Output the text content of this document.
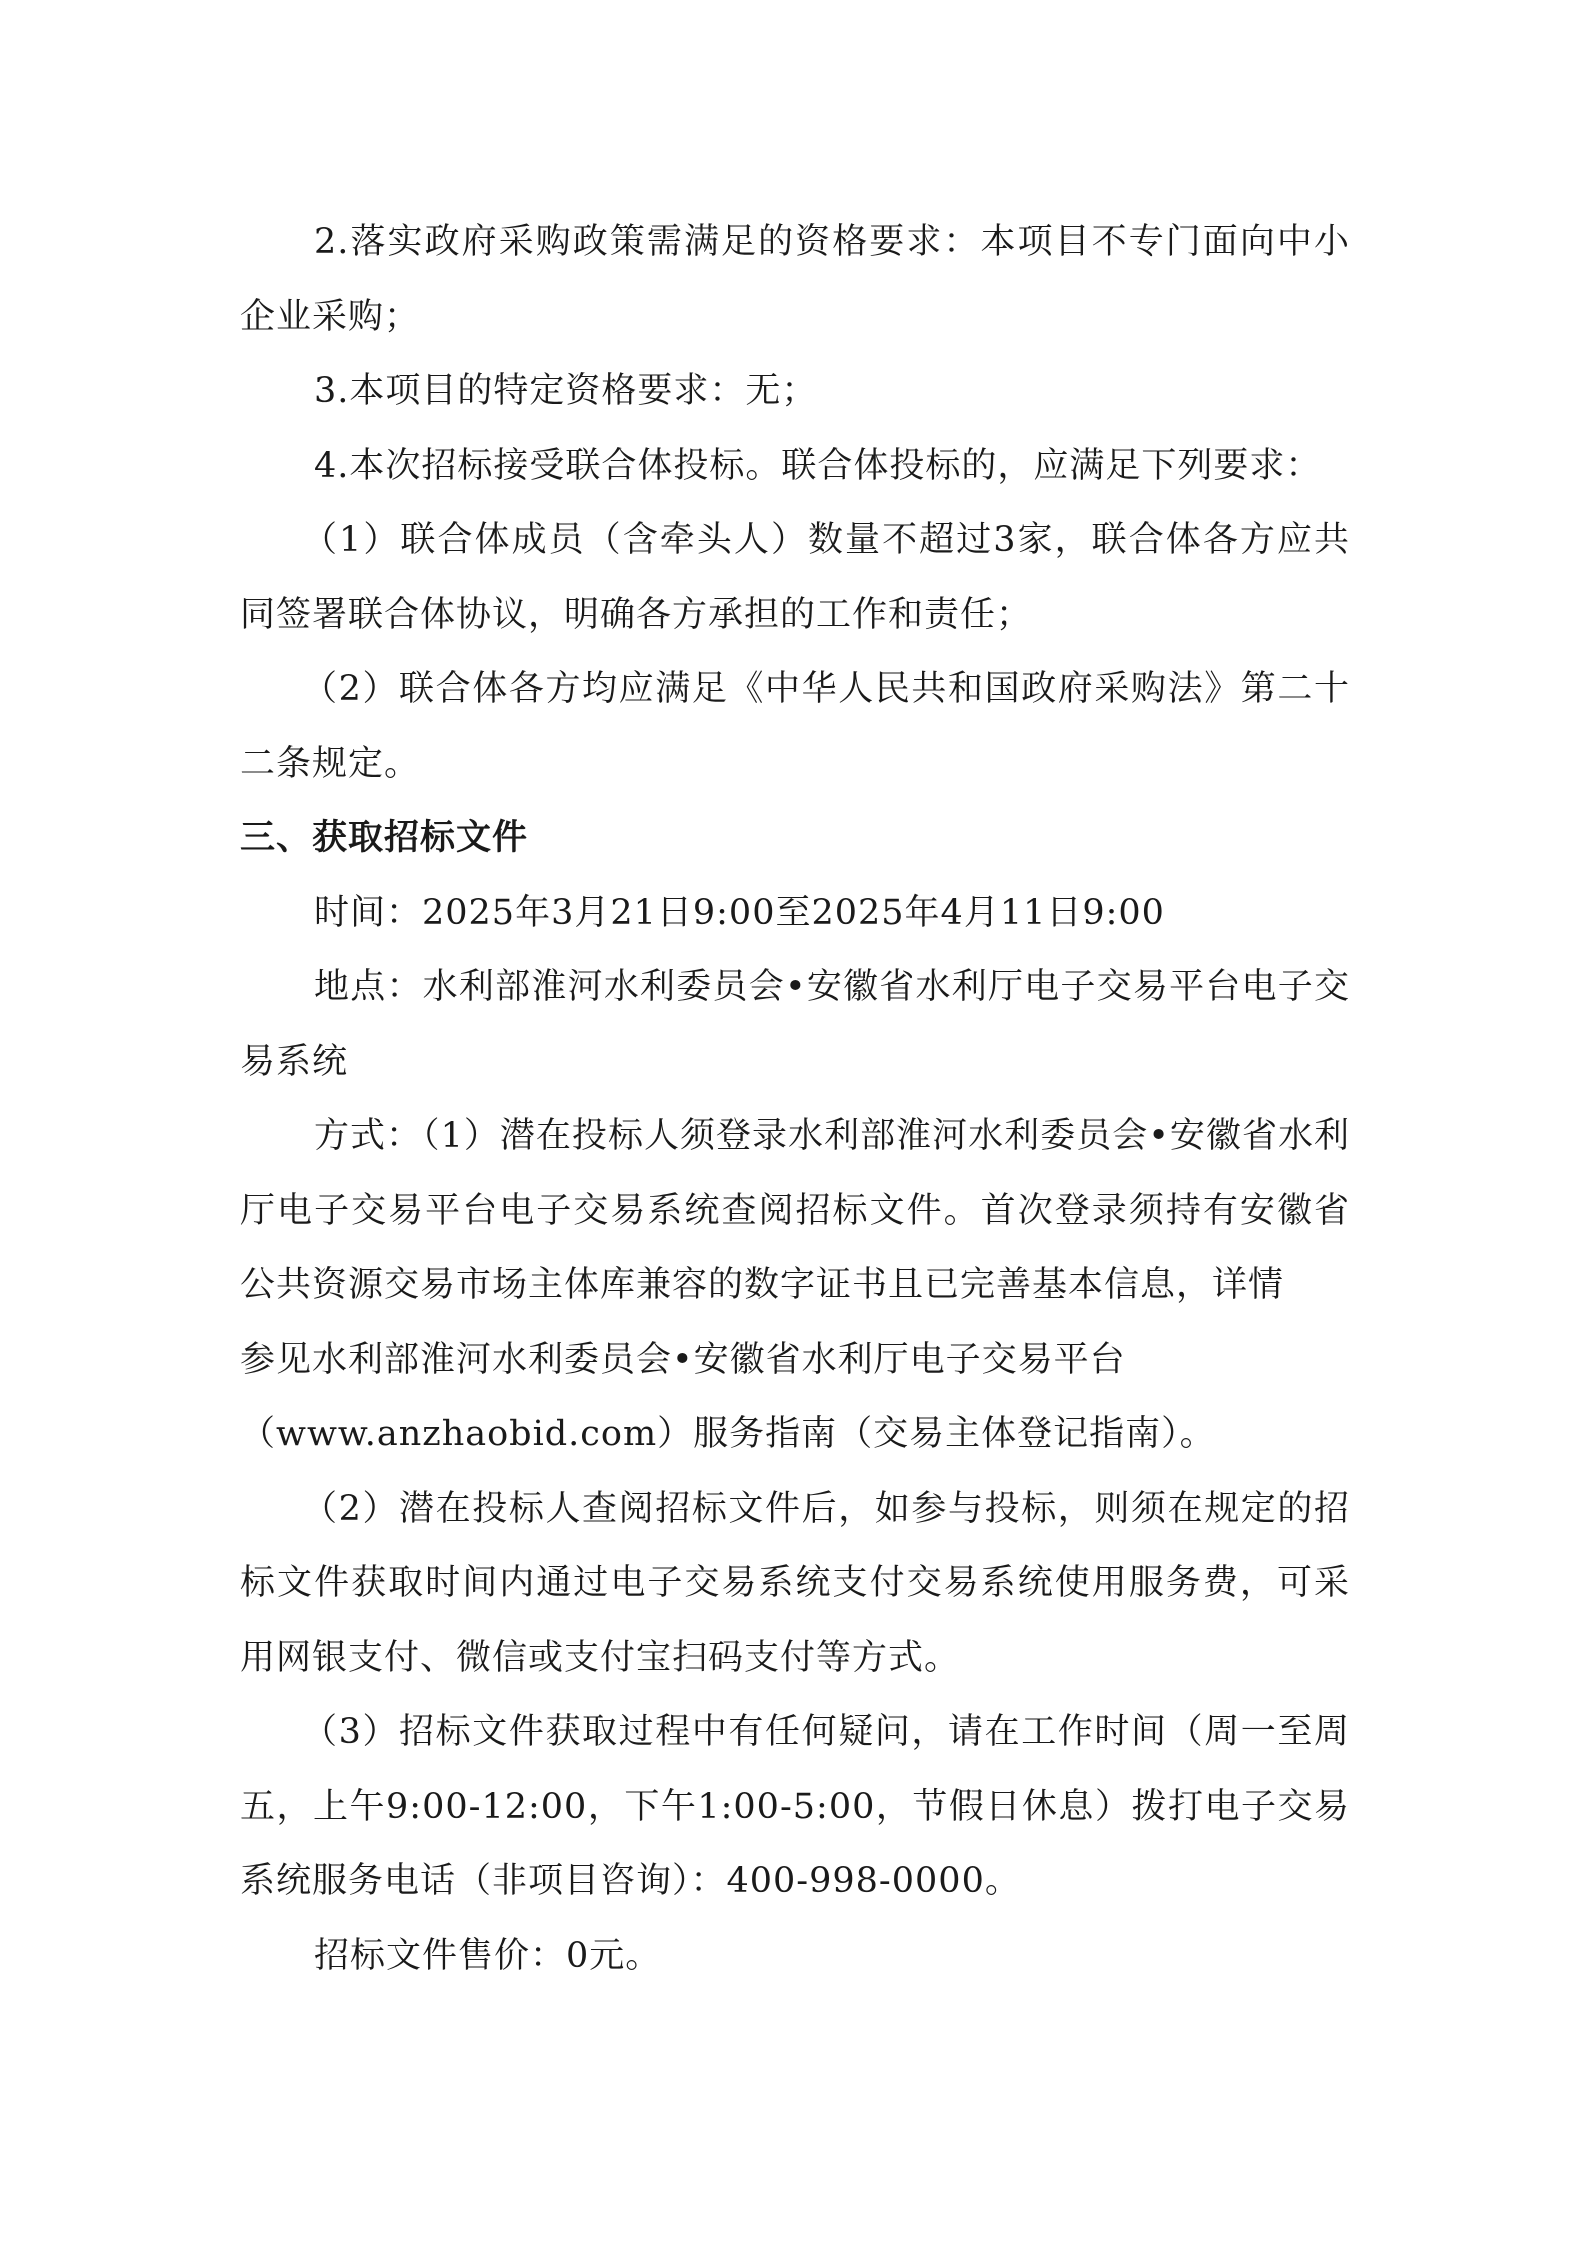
2.落实政府采购政策需满足的资格要求：本项目不专门面向中小企业采购；

3.本项目的特定资格要求：无；

4.本次招标接受联合体投标。联合体投标的，应满足下列要求：

（1）联合体成员（含牵头人）数量不超过3家，联合体各方应共同签署联合体协议，明确各方承担的工作和责任；

（2）联合体各方均应满足《中华人民共和国政府采购法》第二十二条规定。

三、获取招标文件

时间：2025年3月21日9:00至2025年4月11日9:00

地点：水利部淮河水利委员会•安徽省水利厅电子交易平台电子交易系统

方式：（1）潜在投标人须登录水利部淮河水利委员会•安徽省水利厅电子交易平台电子交易系统查阅招标文件。首次登录须持有安徽省公共资源交易市场主体库兼容的数字证书且已完善基本信息，详情

参见水利部淮河水利委员会•安徽省水利厅电子交易平台

（www.anzhaobid.com）服务指南（交易主体登记指南）。

（2）潜在投标人查阅招标文件后，如参与投标，则须在规定的招标文件获取时间内通过电子交易系统支付交易系统使用服务费，可采用网银支付、微信或支付宝扫码支付等方式。

（3）招标文件获取过程中有任何疑问，请在工作时间（周一至周五，上午9:00-12:00，下午1:00-5:00，节假日休息）拨打电子交易系统服务电话（非项目咨询）：400-998-0000。

招标文件售价：0元。
